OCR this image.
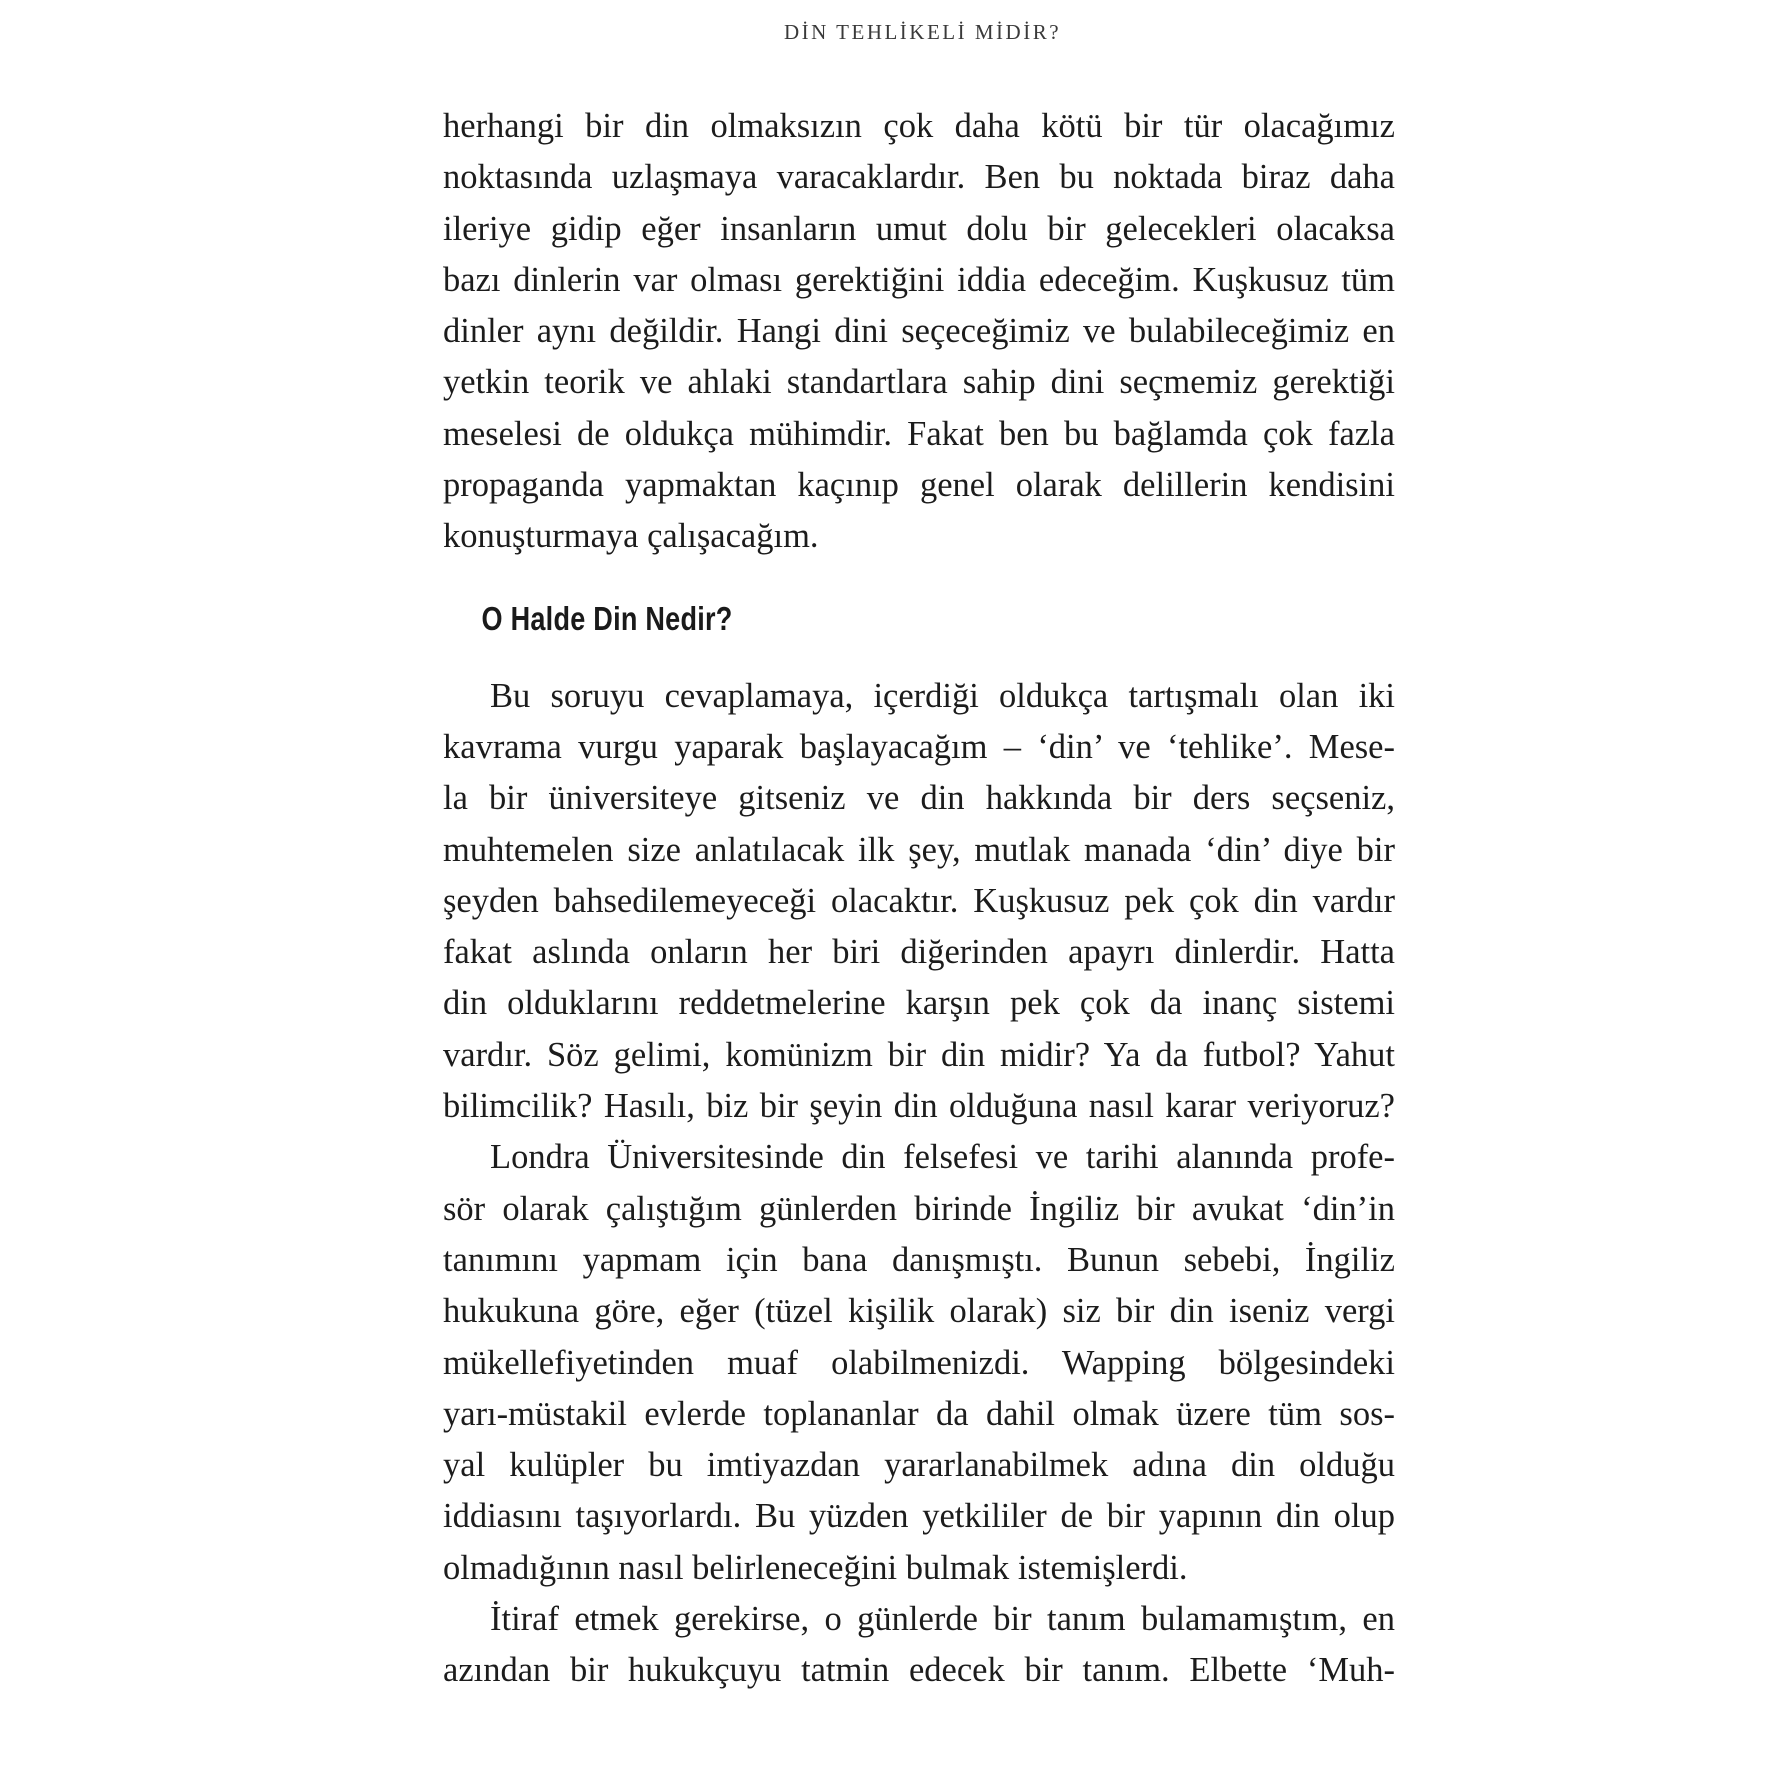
DİN TEHLİKELİ MİDİR?
herhangi bir din olmaksızın çok daha kötü bir tür olacağımız
noktasında uzlaşmaya varacaklardır. Ben bu noktada biraz daha
ileriye gidip eğer insanların umut dolu bir gelecekleri olacaksa
bazı dinlerin var olması gerektiğini iddia edeceğim. Kuşkusuz tüm
dinler aynı değildir. Hangi dini seçeceğimiz ve bulabileceğimiz en
yetkin teorik ve ahlaki standartlara sahip dini seçmemiz gerektiği
meselesi de oldukça mühimdir. Fakat ben bu bağlamda çok fazla
propaganda yapmaktan kaçınıp genel olarak delillerin kendisini
konuşturmaya çalışacağım.
O Halde Din Nedir?
Bu soruyu cevaplamaya, içerdiği oldukça tartışmalı olan iki
kavrama vurgu yaparak başlayacağım – ‘din’ ve ‘tehlike’. Mese-
la bir üniversiteye gitseniz ve din hakkında bir ders seçseniz,
muhtemelen size anlatılacak ilk şey, mutlak manada ‘din’ diye bir
şeyden bahsedilemeyeceği olacaktır. Kuşkusuz pek çok din vardır
fakat aslında onların her biri diğerinden apayrı dinlerdir. Hatta
din olduklarını reddetmelerine karşın pek çok da inanç sistemi
vardır. Söz gelimi, komünizm bir din midir? Ya da futbol? Yahut
bilimcilik? Hasılı, biz bir şeyin din olduğuna nasıl karar veriyoruz?
Londra Üniversitesinde din felsefesi ve tarihi alanında profe-
sör olarak çalıştığım günlerden birinde İngiliz bir avukat ‘din’in
tanımını yapmam için bana danışmıştı. Bunun sebebi, İngiliz
hukukuna göre, eğer (tüzel kişilik olarak) siz bir din iseniz vergi
mükellefiyetinden muaf olabilmenizdi. Wapping bölgesindeki
yarı-müstakil evlerde toplananlar da dahil olmak üzere tüm sos-
yal kulüpler bu imtiyazdan yararlanabilmek adına din olduğu
iddiasını taşıyorlardı. Bu yüzden yetkililer de bir yapının din olup
olmadığının nasıl belirleneceğini bulmak istemişlerdi.
İtiraf etmek gerekirse, o günlerde bir tanım bulamamıştım, en
azından bir hukukçuyu tatmin edecek bir tanım. Elbette ‘Muh-
